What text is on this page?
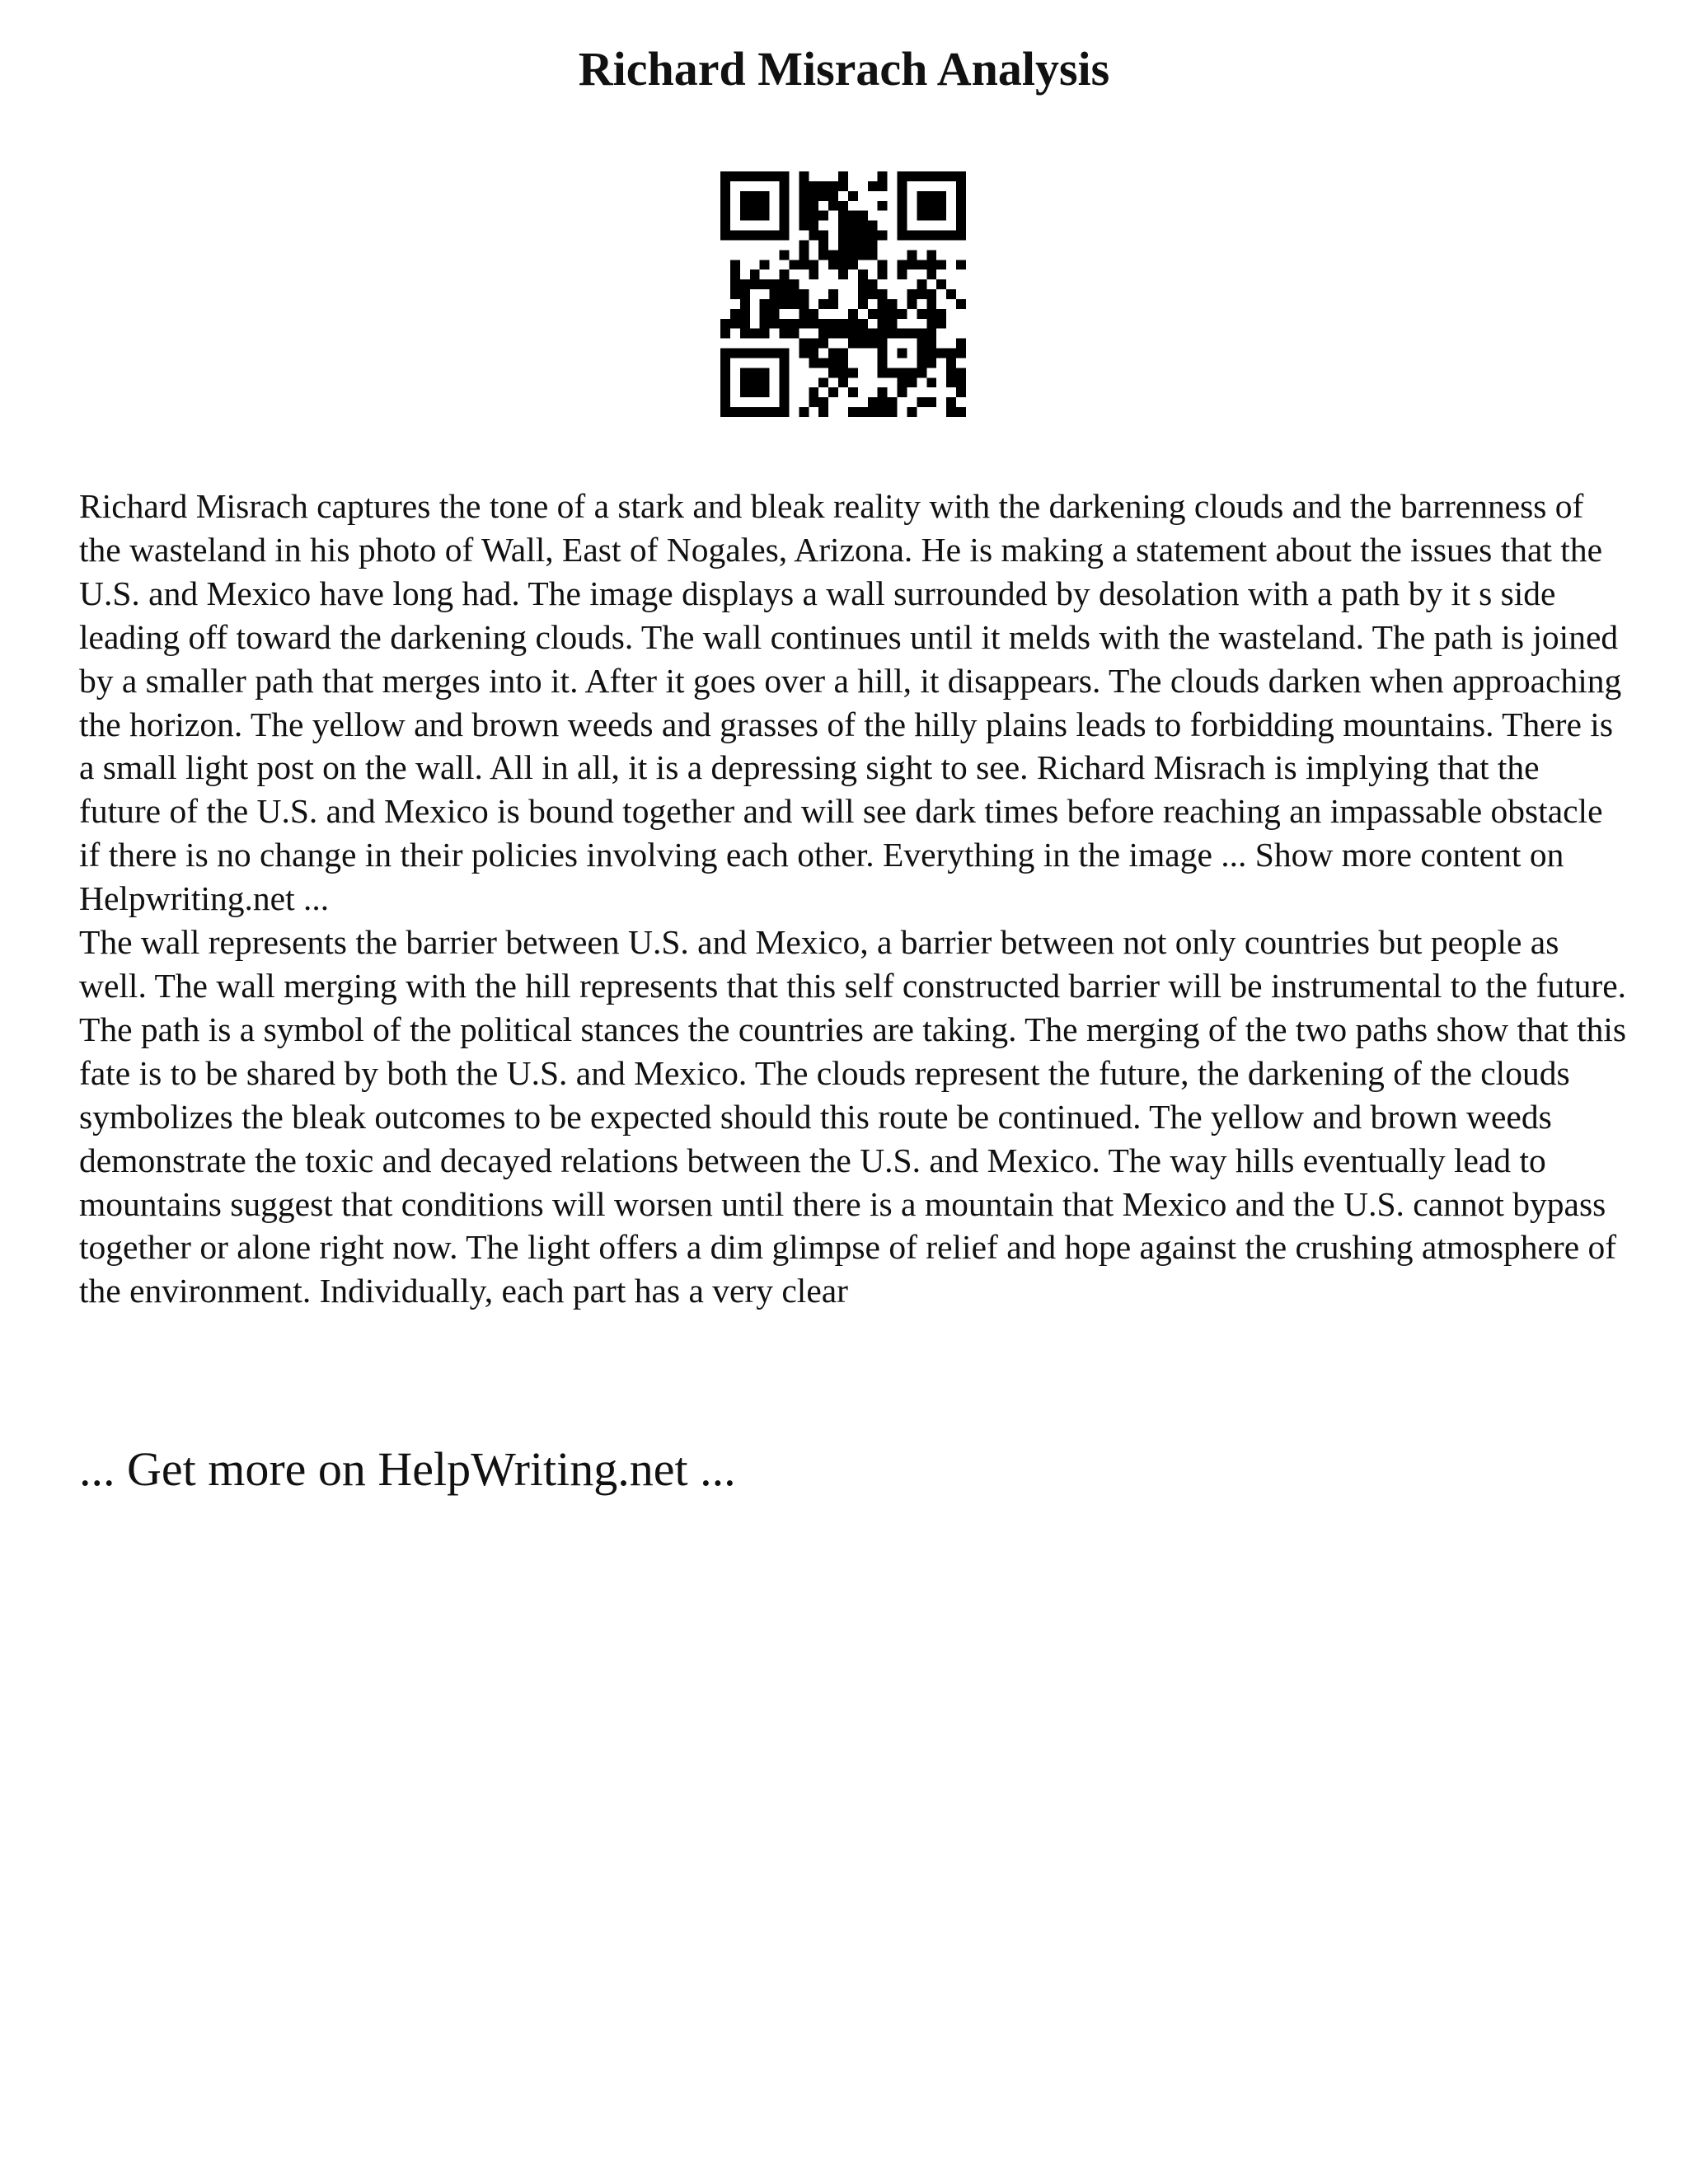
Richard Misrach Analysis

Richard Misrach captures the tone of a stark and bleak reality with the darkening clouds and the barrenness of the wasteland in his photo of Wall, East of Nogales, Arizona. He is making a statement about the issues that the U.S. and Mexico have long had. The image displays a wall surrounded by desolation with a path by it s side leading off toward the darkening clouds. The wall continues until it melds with the wasteland. The path is joined by a smaller path that merges into it. After it goes over a hill, it disappears. The clouds darken when approaching the horizon. The yellow and brown weeds and grasses of the hilly plains leads to forbidding mountains. There is a small light post on the wall. All in all, it is a depressing sight to see. Richard Misrach is implying that the future of the U.S. and Mexico is bound together and will see dark times before reaching an impassable obstacle if there is no change in their policies involving each other. Everything in the image ... Show more content on Helpwriting.net ...

The wall represents the barrier between U.S. and Mexico, a barrier between not only countries but people as well. The wall merging with the hill represents that this self constructed barrier will be instrumental to the future. The path is a symbol of the political stances the countries are taking. The merging of the two paths show that this fate is to be shared by both the U.S. and Mexico. The clouds represent the future, the darkening of the clouds symbolizes the bleak outcomes to be expected should this route be continued. The yellow and brown weeds demonstrate the toxic and decayed relations between the U.S. and Mexico. The way hills eventually lead to mountains suggest that conditions will worsen until there is a mountain that Mexico and the U.S. cannot bypass together or alone right now. The light offers a dim glimpse of relief and hope against the crushing atmosphere of the environment. Individually, each part has a very clear

... Get more on HelpWriting.net ...
